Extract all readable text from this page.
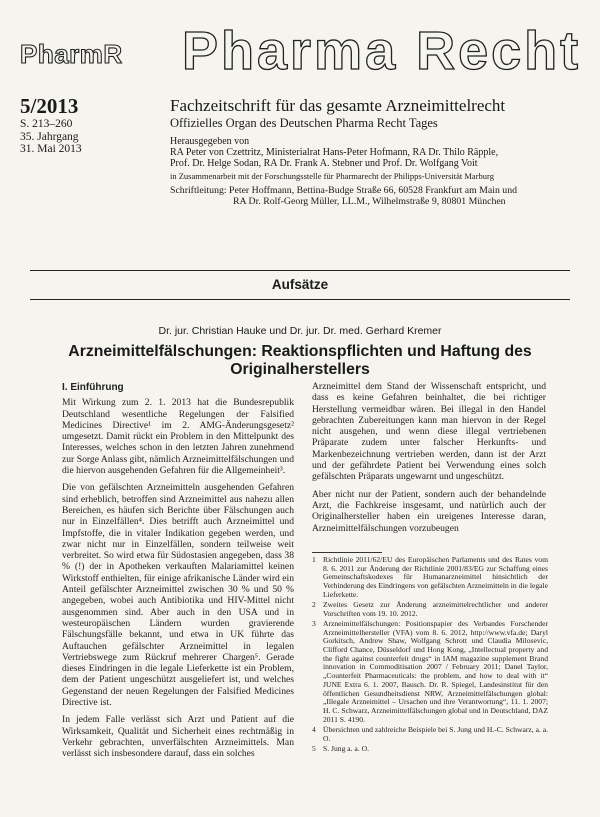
PharmR Pharma Recht
5/2013
S. 213–260
35. Jahrgang
31. Mai 2013
Fachzeitschrift für das gesamte Arzneimittelrecht
Offizielles Organ des Deutschen Pharma Recht Tages
Herausgegeben von
RA Peter von Czettritz, Ministerialrat Hans-Peter Hofmann, RA Dr. Thilo Räpple,
Prof. Dr. Helge Sodan, RA Dr. Frank A. Stebner und Prof. Dr. Wolfgang Voit
in Zusammenarbeit mit der Forschungsstelle für Pharmarecht der Philipps-Universität Marburg
Schriftleitung: Peter Hoffmann, Bettina-Budge Straße 66, 60528 Frankfurt am Main und
RA Dr. Rolf-Georg Müller, LL.M., Wilhelmstraße 9, 80801 München
Aufsätze
Dr. jur. Christian Hauke und Dr. jur. Dr. med. Gerhard Kremer
Arzneimittelfälschungen: Reaktionspflichten und Haftung des Originalherstellers
I. Einführung

Mit Wirkung zum 2. 1. 2013 hat die Bundesrepublik Deutschland wesentliche Regelungen der Falsified Medicines Directive¹ im 2. AMG-Änderungsgesetz² umgesetzt. Damit rückt ein Problem in den Mittelpunkt des Interesses, welches schon in den letzten Jahren zunehmend zur Sorge Anlass gibt, nämlich Arzneimittelfälschungen und die hiervon ausgehenden Gefahren für die Allgemeinheit³.

Die von gefälschten Arzneimitteln ausgehenden Gefahren sind erheblich, betroffen sind Arzneimittel aus nahezu allen Bereichen, es häufen sich Berichte über Fälschungen auch nur in Einzelfällen⁴. Dies betrifft auch Arzneimittel und Impfstoffe, die in vitaler Indikation gegeben werden, und zwar nicht nur in Einzelfällen, sondern teilweise weit verbreitet. So wird etwa für Südostasien angegeben, dass 38 % (!) der in Apotheken verkauften Malariamittel keinen Wirkstoff enthielten, für einige afrikanische Länder wird ein Anteil gefälschter Arzneimittel zwischen 30 % und 50 % angegeben, wobei auch Antibiotika und HIV-Mittel nicht ausgenommen sind. Aber auch in den USA und in westeuropäischen Ländern wurden gravierende Fälschungsfälle bekannt, und etwa in UK führte das Auftauchen gefälschter Arzneimittel in legalen Vertriebswege zum Rückruf mehrerer Chargen⁵. Gerade dieses Eindringen in die legale Lieferkette ist ein Problem, dem der Patient ungeschützt ausgeliefert ist, und welches Gegenstand der neuen Regelungen der Falsified Medicines Directive ist.

In jedem Falle verlässt sich Arzt und Patient auf die Wirksamkeit, Qualität und Sicherheit eines rechtmäßig in Verkehr gebrachten, unverfälschten Arzneimittels. Man verlässt sich insbesondere darauf, dass ein solches

Arzneimittel dem Stand der Wissenschaft entspricht, und dass es keine Gefahren beinhaltet, die bei richtiger Herstellung vermeidbar wären. Bei illegal in den Handel gebrachten Zubereitungen kann man hiervon in der Regel nicht ausgehen, und wenn diese illegal vertriebenen Präparate zudem unter falscher Herkunfts- und Markenbezeichnung vertrieben werden, dann ist der Arzt und der gefährdete Patient bei Verwendung eines solch gefälschten Präparats ungewarnt und ungeschützt.

Aber nicht nur der Patient, sondern auch der behandelnde Arzt, die Fachkreise insgesamt, und natürlich auch der Originalhersteller haben ein ureigenes Interesse daran, Arzneimittelfälschungen vorzubeugen

1 Richtlinie 2011/62/EU des Europäischen Parlaments und des Rates vom 8. 6. 2011 zur Änderung der Richtlinie 2001/83/EG zur Schaffung eines Gemeinschaftskodexes für Humanarzneimittel hinsichtlich der Verhinderung des Eindringens von gefälschten Arzneimitteln in die legale Lieferkette.
2 Zweites Gesetz zur Änderung arzneimittelrechtlicher und anderer Vorschriften vom 19. 10. 2012.
3 Arzneimittelfälschungen: Positionspapier des Verbandes Forschender Arzneimittelhersteller (VFA) vom 8. 6. 2012, http://www.vfa.de; Daryl Gorkitsch, Andrew Shaw, Wolfgang Schrott und Claudia Milosevic, Clifford Chance, Düsseldorf und Hong Kong, „Intellectual property and the fight against counterfeit drugs“ in IAM magazine supplement Brand innovation in Commoditisation 2007 / February 2011; Danel Taylor, „Counterfeit Pharmaceuticals: the problem, and how to deal with it“ JUNE Extra 6. 1. 2007, Bausch. Dr. R. Spiegel, Landesinstitut für den öffentlichen Gesundheitsdienst NRW, Arzneimittelfälschungen global: „Illegale Arzneimittel – Ursachen und ihre Verantwortung“, 11. 1. 2007; H. C. Schwarz, Arzneimittelfälschungen global und in Deutschland, DAZ 2011 S. 4190.
4 Übersichten und zahlreiche Beispiele bei S. Jung und H.-C. Schwarz, a. a. O.
5 S. Jung a. a. O.
